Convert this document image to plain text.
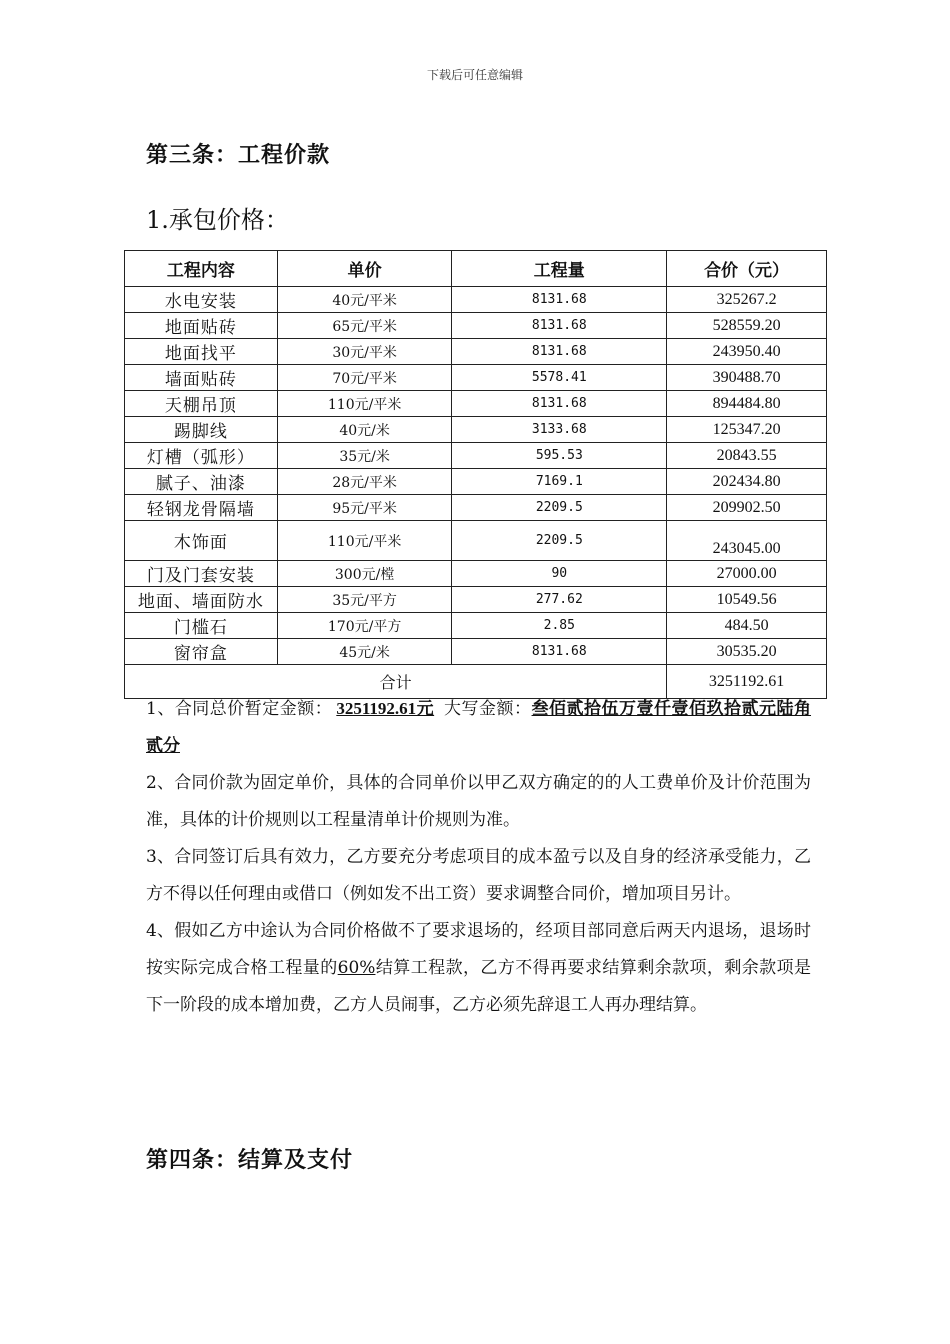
下载后可任意编辑
第三条：工程价款
1.承包价格：
工程内容	单价	工程量	合价（元）
水电安装	40元/平米	8131.68	325267.2
地面贴砖	65元/平米	8131.68	528559.20
地面找平	30元/平米	8131.68	243950.40
墙面贴砖	70元/平米	5578.41	390488.70
天棚吊顶	110元/平米	8131.68	894484.80
踢脚线	40元/米	3133.68	125347.20
灯槽（弧形）	35元/米	595.53	20843.55
腻子、油漆	28元/平米	7169.1	202434.80
轻钢龙骨隔墙	95元/平米	2209.5	209902.50
木饰面	110元/平米	2209.5	243045.00
门及门套安装	300元/樘	90	27000.00
地面、墙面防水	35元/平方	277.62	10549.56
门槛石	170元/平方	2.85	484.50
窗帘盒	45元/米	8131.68	30535.20
合计			3251192.61

1、合同总价暂定金额： 3251192.61元 大写金额：叁佰贰拾伍万壹仟壹佰玖拾贰元陆角贰分

2、合同价款为固定单价，具体的合同单价以甲乙双方确定的的人工费单价及计价范围为准，具体的计价规则以工程量清单计价规则为准。

3、合同签订后具有效力，乙方要充分考虑项目的成本盈亏以及自身的经济承受能力，乙方不得以任何理由或借口（例如发不出工资）要求调整合同价，增加项目另计。

4、假如乙方中途认为合同价格做不了要求退场的，经项目部同意后两天内退场，退场时按实际完成合格工程量的60%结算工程款，乙方不得再要求结算剩余款项，剩余款项是下一阶段的成本增加费，乙方人员闹事，乙方必须先辞退工人再办理结算。

第四条：结算及支付
